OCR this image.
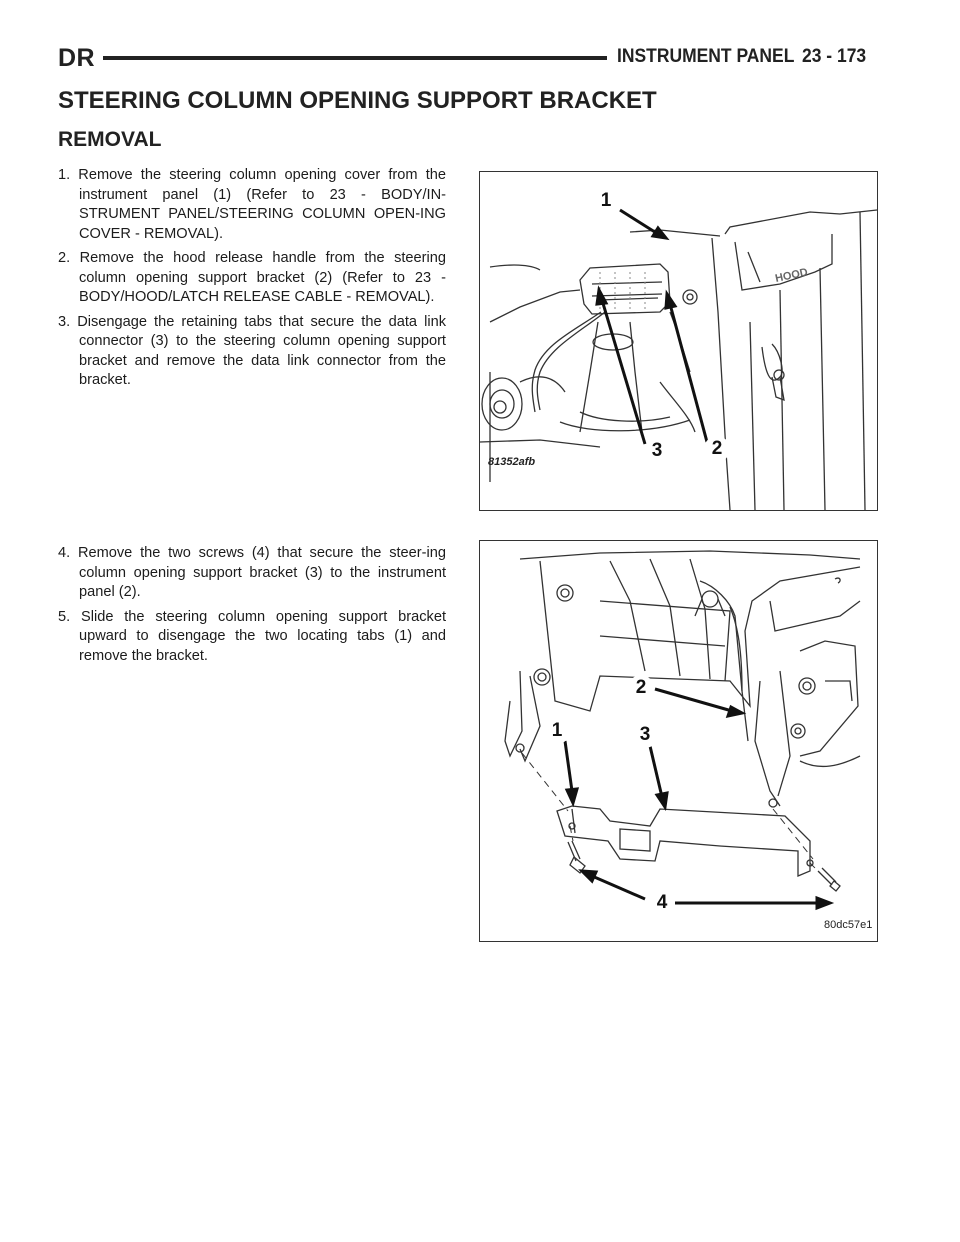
DR	INSTRUMENT PANEL 23 - 173
STEERING COLUMN OPENING SUPPORT BRACKET
REMOVAL
1. Remove the steering column opening cover from the instrument panel (1) (Refer to 23 - BODY/IN-STRUMENT PANEL/STEERING COLUMN OPEN-ING COVER - REMOVAL).
2. Remove the hood release handle from the steering column opening support bracket (2) (Refer to 23 - BODY/HOOD/LATCH RELEASE CABLE - REMOVAL).
3. Disengage the retaining tabs that secure the data link connector (3) to the steering column opening support bracket and remove the data link connector from the bracket.
4. Remove the two screws (4) that secure the steer-ing column opening support bracket (3) to the instrument panel (2).
5. Slide the steering column opening support bracket upward to disengage the two locating tabs (1) and remove the bracket.
HOOD
1
3	2
81352afb
2
1	3
4
80dc57e1
